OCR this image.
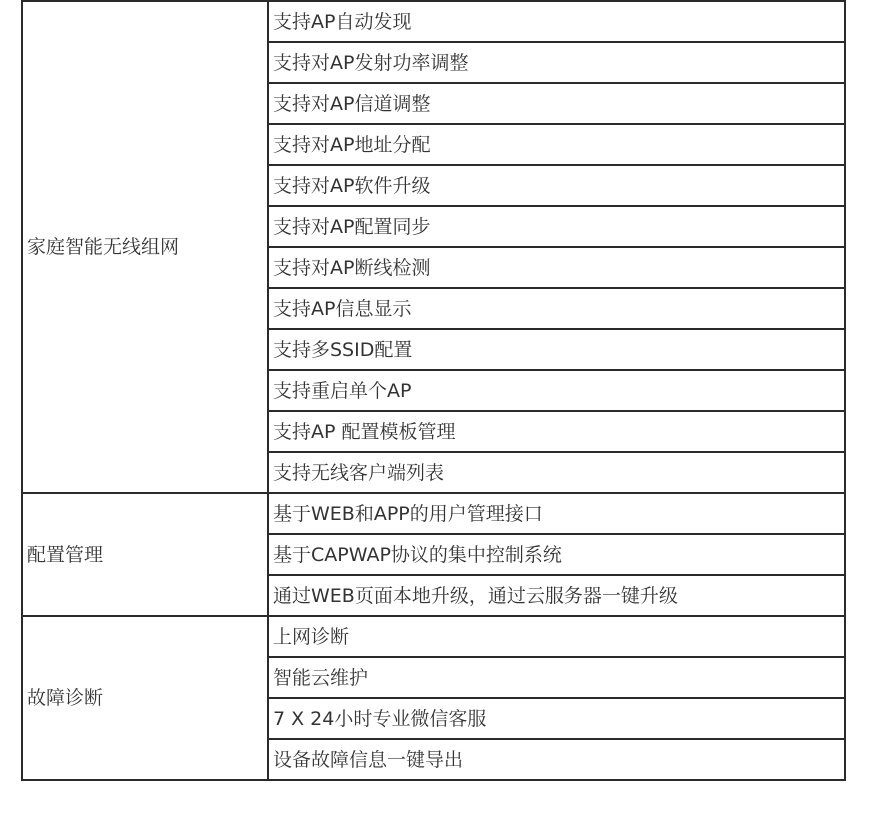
家庭智能无线组网	支持AP自动发现
	支持对AP发射功率调整
	支持对AP信道调整
	支持对AP地址分配
	支持对AP软件升级
	支持对AP配置同步
	支持对AP断线检测
	支持AP信息显示
	支持多SSID配置
	支持重启单个AP
	支持AP 配置模板管理
	支持无线客户端列表
配置管理	基于WEB和APP的用户管理接口
	基于CAPWAP协议的集中控制系统
	通过WEB页面本地升级，通过云服务器一键升级
故障诊断	上网诊断
	智能云维护
	7 X 24小时专业微信客服
	设备故障信息一键导出
